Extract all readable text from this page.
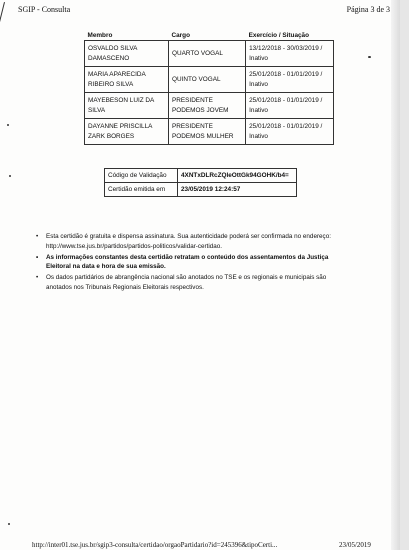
SGIP - Consulta	Página 3 de 3
Membro	Cargo	Exercício / Situação
OSVALDO SILVA DAMASCENO	QUARTO VOGAL	13/12/2018 - 30/03/2019 / Inativo
MARIA APARECIDA RIBEIRO SILVA	QUINTO VOGAL	25/01/2018 - 01/01/2019 / Inativo
MAYEBESON LUIZ DA SILVA	PRESIDENTE PODEMOS JOVEM	25/01/2018 - 01/01/2019 / Inativo
DAYANNE PRISCILLA ZARK BORGES	PRESIDENTE PODEMOS MULHER	25/01/2018 - 01/01/2019 / Inativo
Código de Validação	4XNTxDLRcZQIeOttGk94GOHK/b4=
Certidão emitida em	23/05/2019 12:24:57
• Esta certidão é gratuita e dispensa assinatura. Sua autenticidade poderá ser confirmada no endereço: http://www.tse.jus.br/partidos/partidos-politicos/validar-certidao.
• As informações constantes desta certidão retratam o conteúdo dos assentamentos da Justiça Eleitoral na data e hora de sua emissão.
• Os dados partidários de abrangência nacional são anotados no TSE e os regionais e municipais são anotados nos Tribunais Regionais Eleitorais respectivos.
http://inter01.tse.jus.br/sgip3-consulta/certidao/orgaoPartidario?id=245396&tipoCerti...	23/05/2019
